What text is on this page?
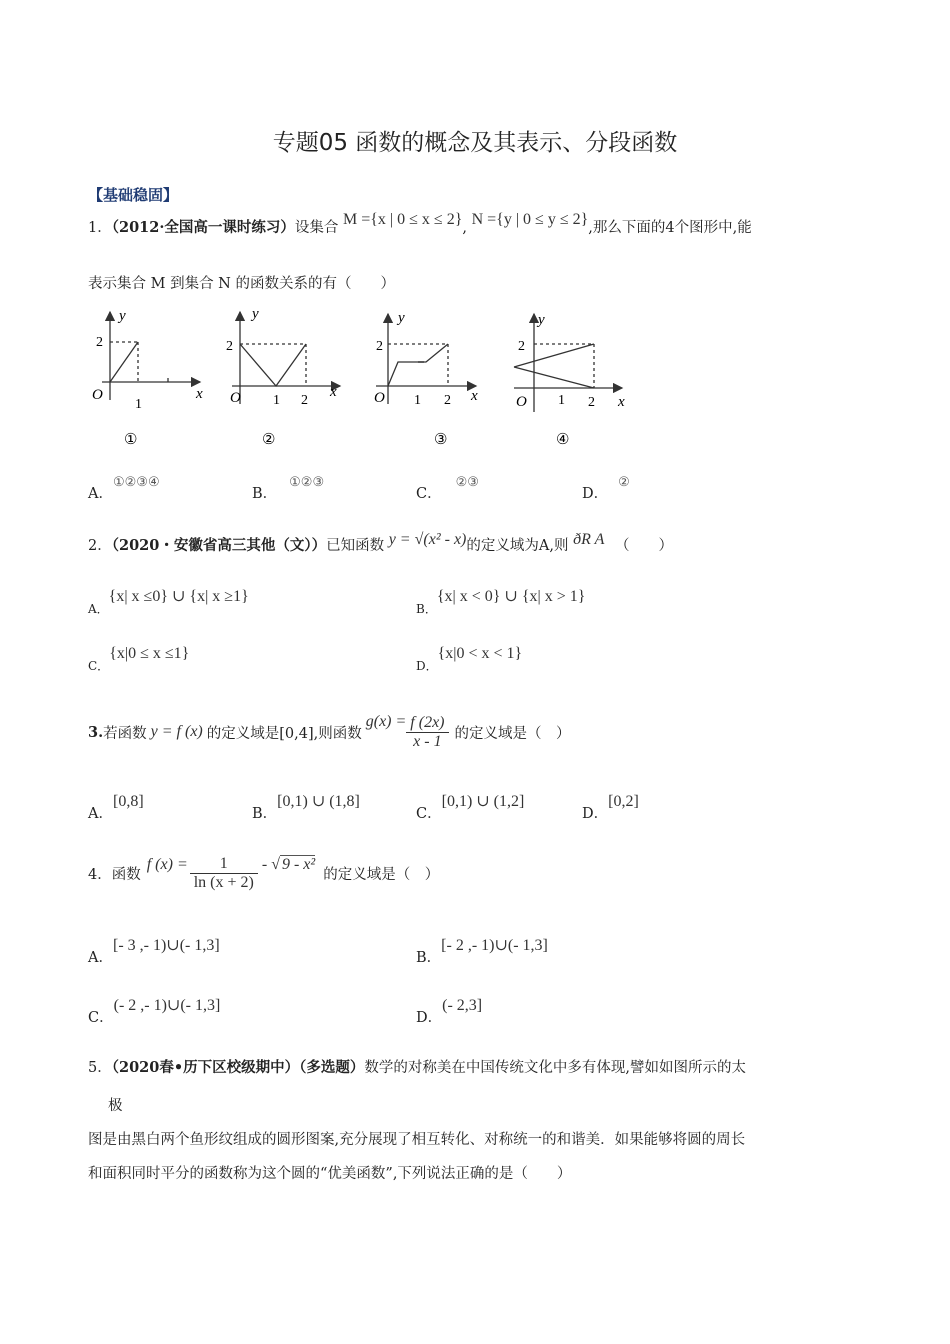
专题05 函数的概念及其表示、分段函数
【基础稳固】
1．（2012·全国高一课时练习）设集合 M ={x | 0 ≤ x ≤ 2}, N ={y | 0 ≤ y ≤ 2},那么下面的4个图形中,能
表示集合 M 到集合 N 的函数关系的有（　　）
y
2
O
1
x
①
y
2
O 1 2
x
②
y
2
O 1 2 x
③
y
2
O 1 2 x
④
A．①②③④
B．①②③
C．②③
D．②
2．（2020・安徽省高三其他（文））已知函数 y = √(x² - x)的定义域为A,则 ðR A （　　）
A．{x| x ≤0} ∪ {x| x ≥1}
B．{x| x < 0} ∪ {x| x > 1}
C．{x|0 ≤ x ≤1}
D．{x|0 < x < 1}
3. 若函数 y = f (x) 的定义域是[0,4],则函数
$g(x) = \frac{f (2x)}{x - 1}$ 的定义域是（　）
A．[0,8]
B．[0,1) ∪ (1,8]
C．[0,1) ∪ (1,2]
D．[0,2]
4． 函数
f $(x) = \frac{1}{\ln (x + 2)}$ - √ 9 - x²
的定义域是（　）
A．[- 3 ,- 1)∪(- 1,3]
B．[- 2 ,- 1)∪(- 1,3]
C．(- 2 ,- 1)∪(- 1,3]
D．(- 2,3]
5．（2020春•历下区校级期中）（多选题）数学的对称美在中国传统文化中多有体现,譬如如图所示的太
极
图是由黑白两个鱼形纹组成的圆形图案,充分展现了相互转化、对称统一的和谐美．如果能够将圆的周长
和面积同时平分的函数称为这个圆的“优美函数”,下列说法正确的是（　　）
